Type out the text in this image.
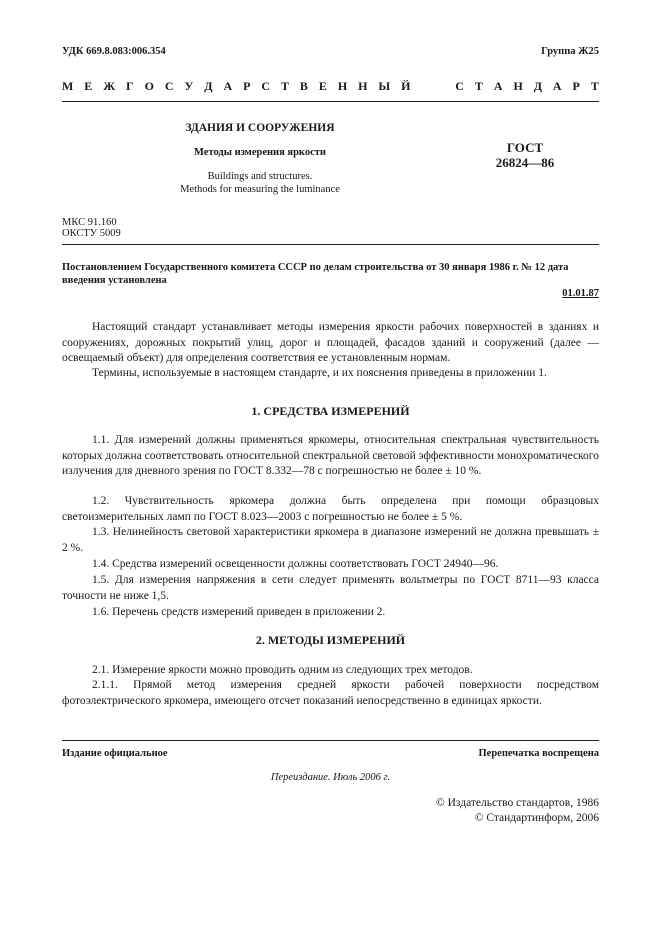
УДК 669.8.083:006.354	Группа Ж25
М Е Ж Г О С У Д А Р С Т В Е Н Н Ы Й	С Т А Н Д А Р Т
ЗДАНИЯ И СООРУЖЕНИЯ
Методы измерения яркости
Buildings and structures.
Methods for measuring the luminance
ГОСТ
26824—86
МКС 91.160
ОКСТУ 5009
Постановлением Государственного комитета СССР по делам строительства от 30 января 1986 г. № 12 дата введения установлена
01.01.87

Настоящий стандарт устанавливает методы измерения яркости рабочих поверхностей в зданиях и сооружениях, дорожных покрытий улиц, дорог и площадей, фасадов зданий и сооружений (далее — освещаемый объект) для определения соответствия ее установленным нормам.

Термины, используемые в настоящем стандарте, и их пояснения приведены в приложении 1.

1. СРЕДСТВА ИЗМЕРЕНИЙ

1.1. Для измерений должны применяться яркомеры, относительная спектральная чувствительность которых должна соответствовать относительной спектральной световой эффективности монохроматического излучения для дневного зрения по ГОСТ 8.332—78 с погрешностью не более ± 10 %.

1.2. Чувствительность яркомера должна быть определена при помощи образцовых светоизмерительных ламп по ГОСТ 8.023—2003 с погрешностью не более ± 5 %.

1.3. Нелинейность световой характеристики яркомера в диапазоне измерений не должна превышать ± 2 %.

1.4. Средства измерений освещенности должны соответствовать ГОСТ 24940—96.

1.5. Для измерения напряжения в сети следует применять вольтметры по ГОСТ 8711—93 класса точности не ниже 1,5.

1.6. Перечень средств измерений приведен в приложении 2.

2. МЕТОДЫ ИЗМЕРЕНИЙ

2.1. Измерение яркости можно проводить одним из следующих трех методов.

2.1.1. Прямой метод измерения средней яркости рабочей поверхности посредством фотоэлектрического яркомера, имеющего отсчет показаний непосредственно в единицах яркости.

Издание официальное	Перепечатка воспрещена
Переиздание. Июль 2006 г.
© Издательство стандартов, 1986
© Стандартинформ, 2006
